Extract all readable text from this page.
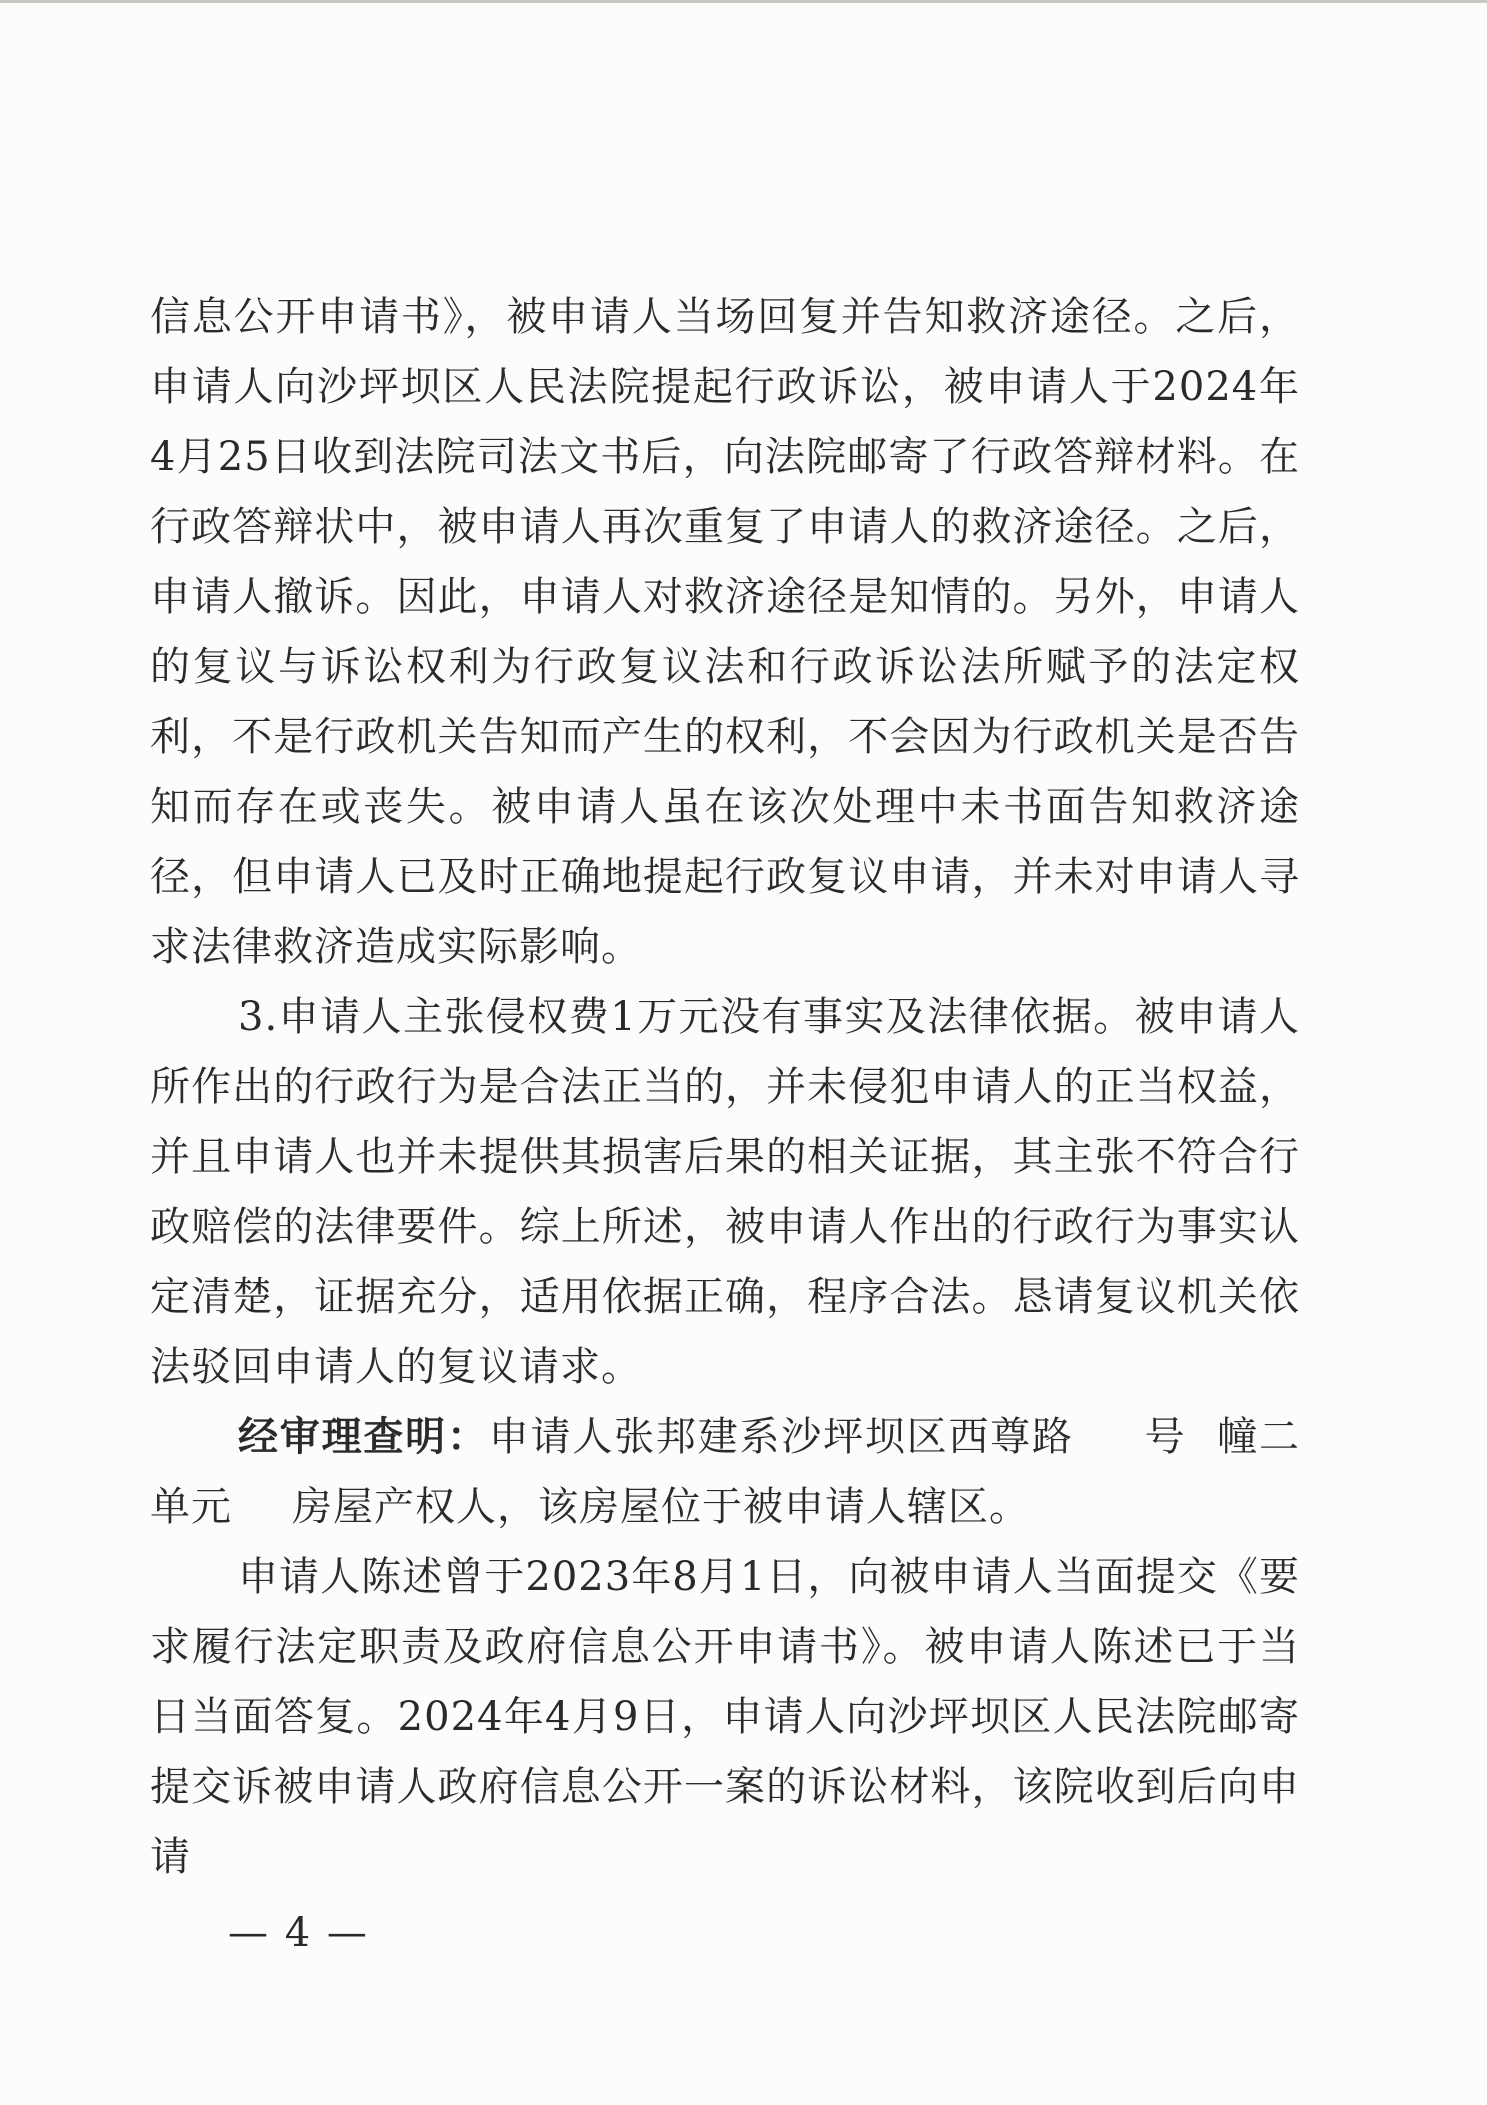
信息公开申请书》，被申请人当场回复并告知救济途径。之后，申请人向沙坪坝区人民法院提起行政诉讼，被申请人于2024年4月25日收到法院司法文书后，向法院邮寄了行政答辩材料。在行政答辩状中，被申请人再次重复了申请人的救济途径。之后，申请人撤诉。因此，申请人对救济途径是知情的。另外，申请人的复议与诉讼权利为行政复议法和行政诉讼法所赋予的法定权利，不是行政机关告知而产生的权利，不会因为行政机关是否告知而存在或丧失。被申请人虽在该次处理中未书面告知救济途径，但申请人已及时正确地提起行政复议申请，并未对申请人寻求法律救济造成实际影响。

3.申请人主张侵权费1万元没有事实及法律依据。被申请人所作出的行政行为是合法正当的，并未侵犯申请人的正当权益，并且申请人也并未提供其损害后果的相关证据，其主张不符合行政赔偿的法律要件。综上所述，被申请人作出的行政行为事实认定清楚，证据充分，适用依据正确，程序合法。恳请复议机关依法驳回申请人的复议请求。

经审理查明：申请人张邦建系沙坪坝区西尊路 号 幢二单元 房屋产权人，该房屋位于被申请人辖区。

申请人陈述曾于2023年8月1日，向被申请人当面提交《要求履行法定职责及政府信息公开申请书》。被申请人陈述已于当日当面答复。2024年4月9日，申请人向沙坪坝区人民法院邮寄提交诉被申请人政府信息公开一案的诉讼材料，该院收到后向申请

— 4 —
